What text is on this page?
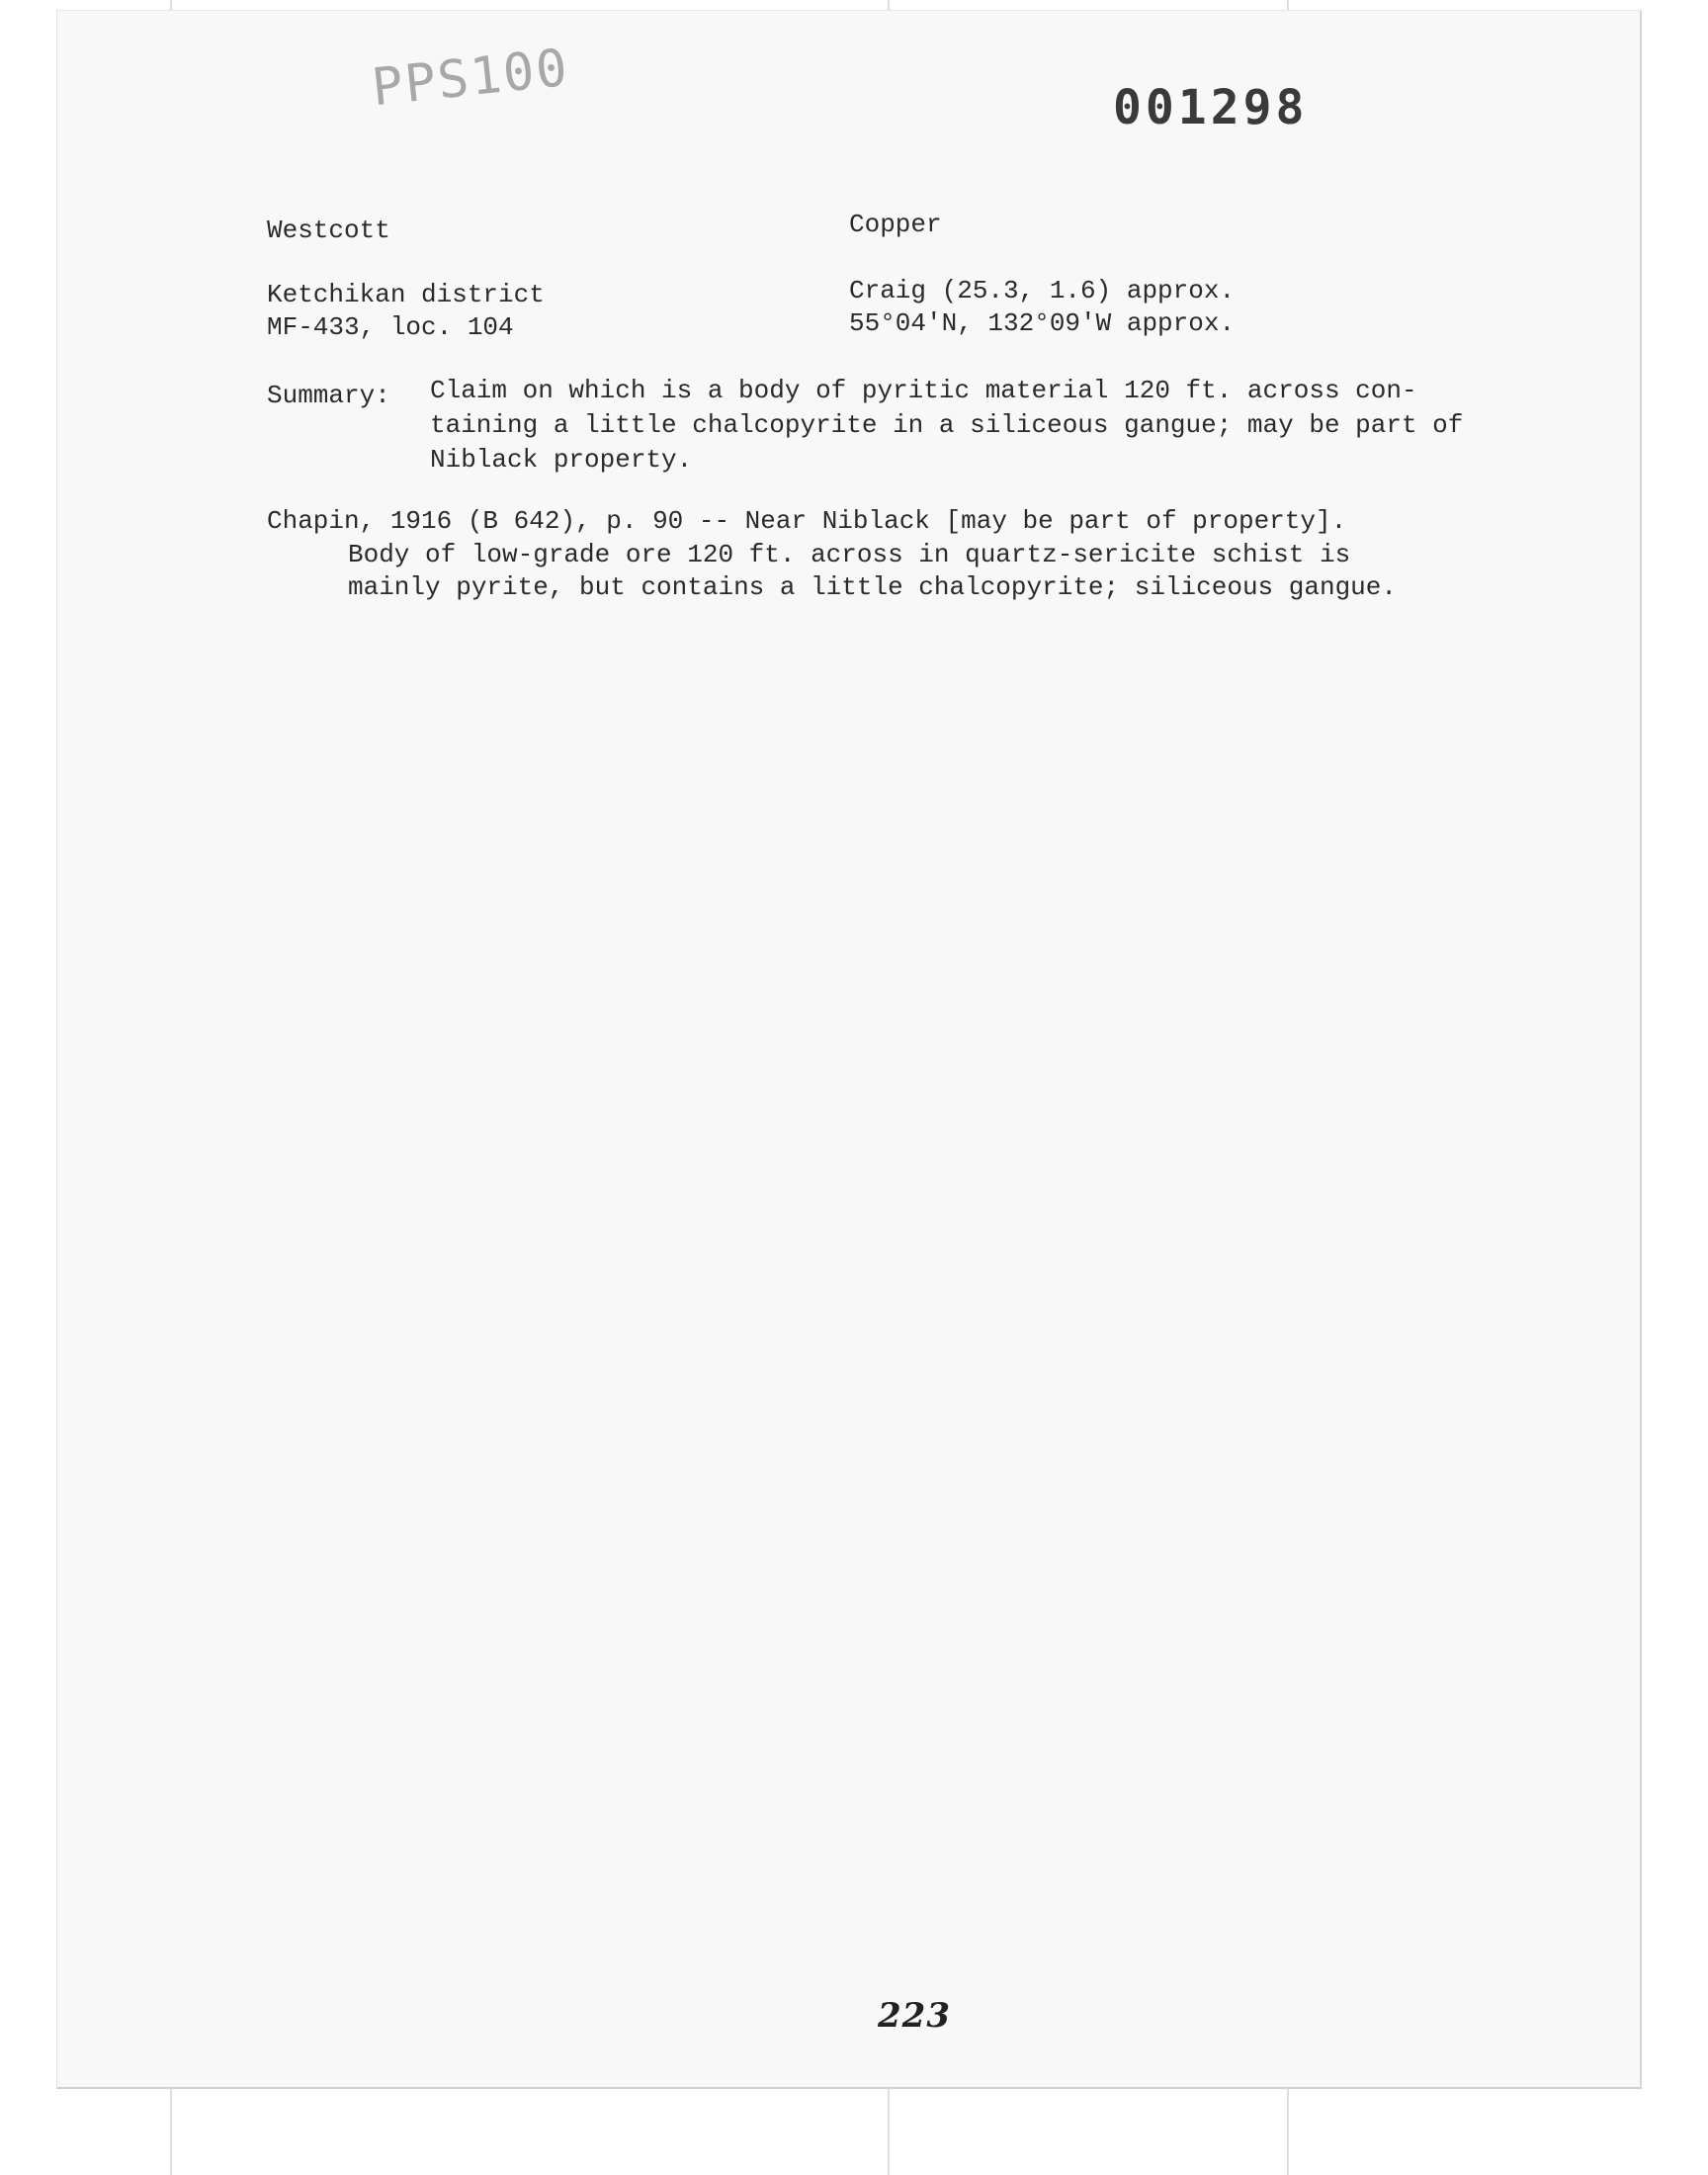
PPS100	001298
Westcott	Copper
Ketchikan district
MF-433, loc. 104
Craig (25.3, 1.6) approx.
55°04'N, 132°09'W approx.
Summary: Claim on which is a body of pyritic material 120 ft. across con-
taining a little chalcopyrite in a siliceous gangue; may be part of
Niblack property.
Chapin, 1916 (B 642), p. 90 -- Near Niblack [may be part of property].
Body of low-grade ore 120 ft. across in quartz-sericite schist is
mainly pyrite, but contains a little chalcopyrite; siliceous gangue.
223
